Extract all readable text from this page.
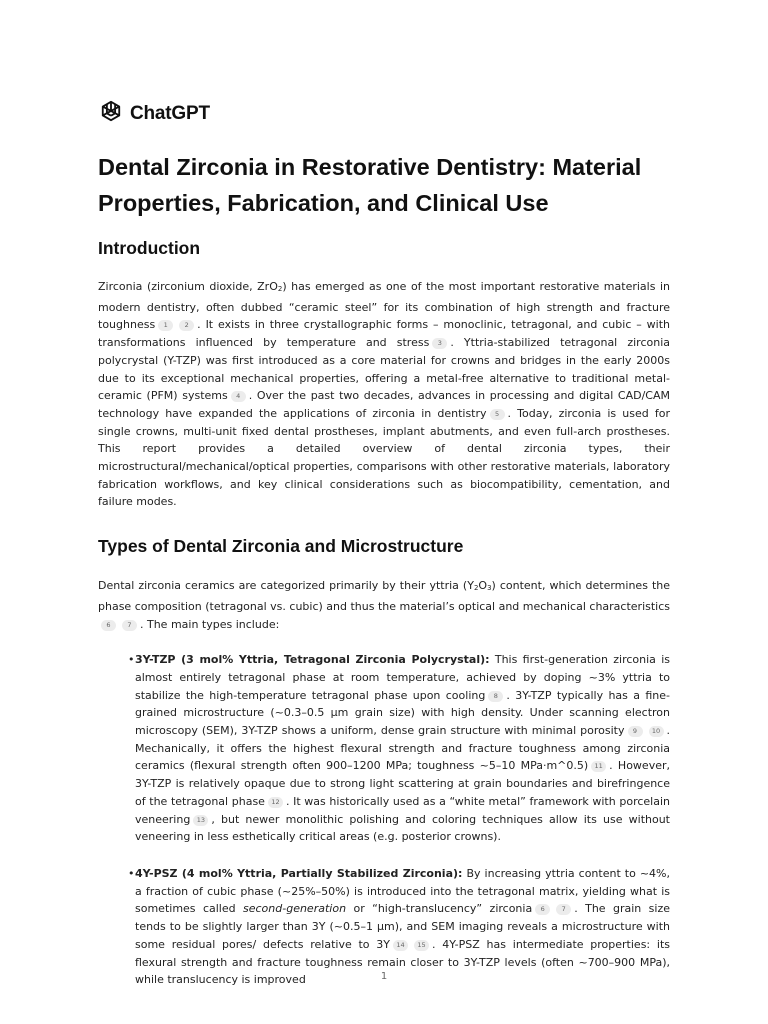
ChatGPT
Dental Zirconia in Restorative Dentistry: Material Properties, Fabrication, and Clinical Use
Introduction

Zirconia (zirconium dioxide, ZrO$_2$) has emerged as one of the most important restorative materials in modern dentistry, often dubbed “ceramic steel” for its combination of high strength and fracture toughness 1	2 . It exists in three crystallographic forms – monoclinic, tetragonal, and cubic – with transformations influenced by temperature and stress 3 . Yttria-stabilized tetragonal zirconia polycrystal (Y-TZP) was first introduced as a core material for crowns and bridges in the early 2000s due to its exceptional mechanical properties, offering a metal-free alternative to traditional metal-ceramic (PFM) systems 4 . Over the past two decades, advances in processing and digital CAD/CAM technology have expanded the applications of zirconia in dentistry 5 . Today, zirconia is used for single crowns, multi-unit fixed dental prostheses, implant abutments, and even full-arch prostheses. This report provides a detailed overview of dental zirconia types, their microstructural/mechanical/optical properties, comparisons with other restorative materials, laboratory fabrication workflows, and key clinical considerations such as biocompatibility, cementation, and failure modes.

Types of Dental Zirconia and Microstructure

Dental zirconia ceramics are categorized primarily by their yttria $(Y_2O_3)$ content, which determines the phase composition (tetragonal vs. cubic) and thus the material’s optical and mechanical characteristics6	7 . The main types include:

• 3Y-TZP (3 mol% Yttria, Tetragonal Zirconia Polycrystal): This first-generation zirconia is almost entirely tetragonal phase at room temperature, achieved by doping ~3% yttria to stabilize the high-temperature tetragonal phase upon cooling 8 . 3Y-TZP typically has a fine-grained microstructure (~0.3–0.5 µm grain size) with high density. Under scanning electron microscopy (SEM), 3Y-TZP shows a uniform, dense grain structure with minimal porosity 9 10 . Mechanically, it offers the highest flexural strength and fracture toughness among zirconia ceramics (flexural strength often 900–1200 MPa; toughness ~5–10 MPa·m^0.5) 11 . However, 3Y-TZP is relatively opaque due to strong light scattering at grain boundaries and birefringence of the tetragonal phase 12 . It was historically used as a “white metal” framework with porcelain veneering 13 , but newer monolithic polishing and coloring techniques allow its use without veneering in less esthetically critical areas (e.g. posterior crowns).
• 4Y-PSZ (4 mol% Yttria, Partially Stabilized Zirconia): By increasing yttria content to ~4%, a fraction of cubic phase (~25%–50%) is introduced into the tetragonal matrix, yielding what is sometimes called second-generation or “high-translucency” zirconia 6	7 . The grain size tends to be slightly larger than 3Y (~0.5–1 µm), and SEM imaging reveals a microstructure with some residual pores/ defects relative to 3Y 14 15 . 4Y-PSZ has intermediate properties: its flexural strength and fracture toughness remain closer to 3Y-TZP levels (often ~700–900 MPa), while translucency is improved	1
